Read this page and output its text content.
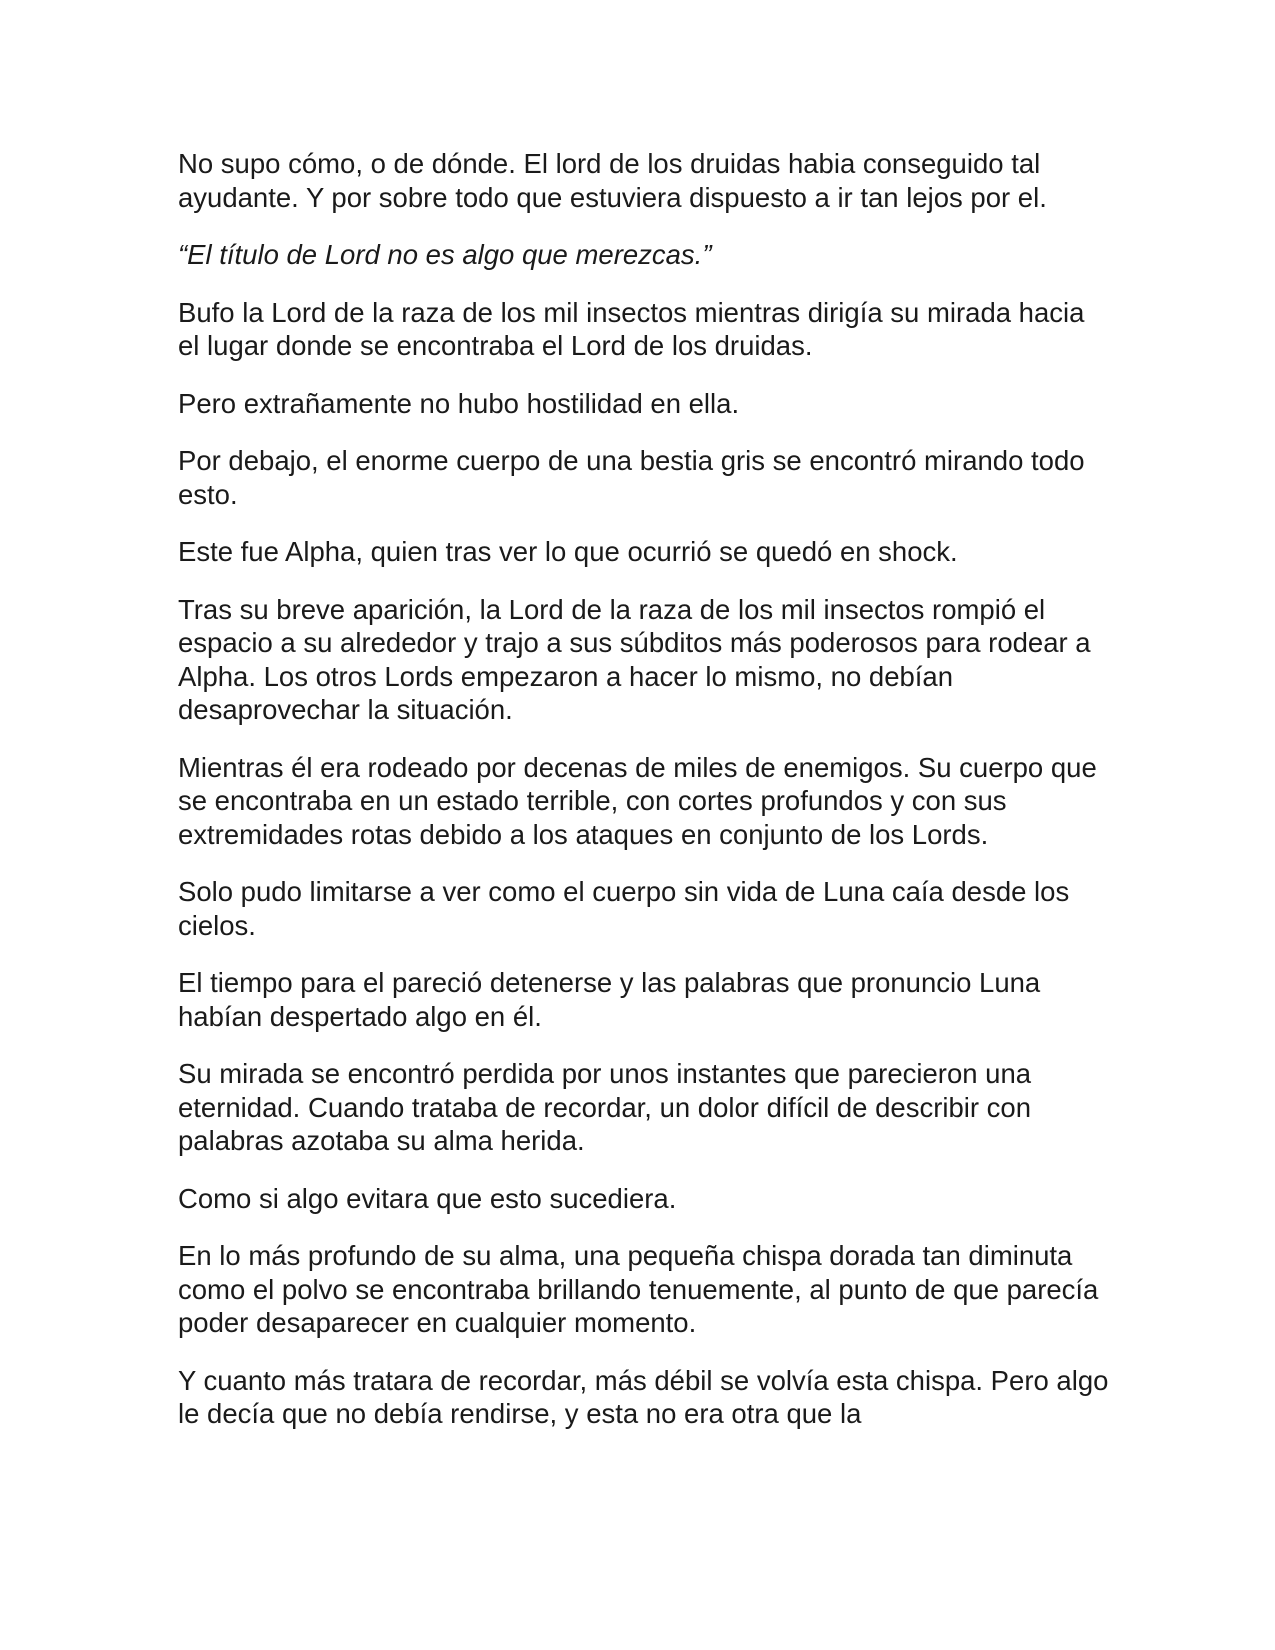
No supo cómo, o de dónde. El lord de los druidas habia conseguido tal ayudante. Y por sobre todo que estuviera dispuesto a ir tan lejos por el.

“El título de Lord no es algo que merezcas.”

Bufo la Lord de la raza de los mil insectos mientras dirigía su mirada hacia el lugar donde se encontraba el Lord de los druidas.

Pero extrañamente no hubo hostilidad en ella.

Por debajo, el enorme cuerpo de una bestia gris se encontró mirando todo esto.

Este fue Alpha, quien tras ver lo que ocurrió se quedó en shock.

Tras su breve aparición, la Lord de la raza de los mil insectos rompió el espacio a su alrededor y trajo a sus súbditos más poderosos para rodear a Alpha. Los otros Lords empezaron a hacer lo mismo, no debían desaprovechar la situación.

Mientras él era rodeado por decenas de miles de enemigos. Su cuerpo que se encontraba en un estado terrible, con cortes profundos y con sus extremidades rotas debido a los ataques en conjunto de los Lords.

Solo pudo limitarse a ver como el cuerpo sin vida de Luna caía desde los cielos.

El tiempo para el pareció detenerse y las palabras que pronuncio Luna habían despertado algo en él.

Su mirada se encontró perdida por unos instantes que parecieron una eternidad. Cuando trataba de recordar, un dolor difícil de describir con palabras azotaba su alma herida.

Como si algo evitara que esto sucediera.

En lo más profundo de su alma, una pequeña chispa dorada tan diminuta como el polvo se encontraba brillando tenuemente, al punto de que parecía poder desaparecer en cualquier momento.

Y cuanto más tratara de recordar, más débil se volvía esta chispa. Pero algo le decía que no debía rendirse, y esta no era otra que la
